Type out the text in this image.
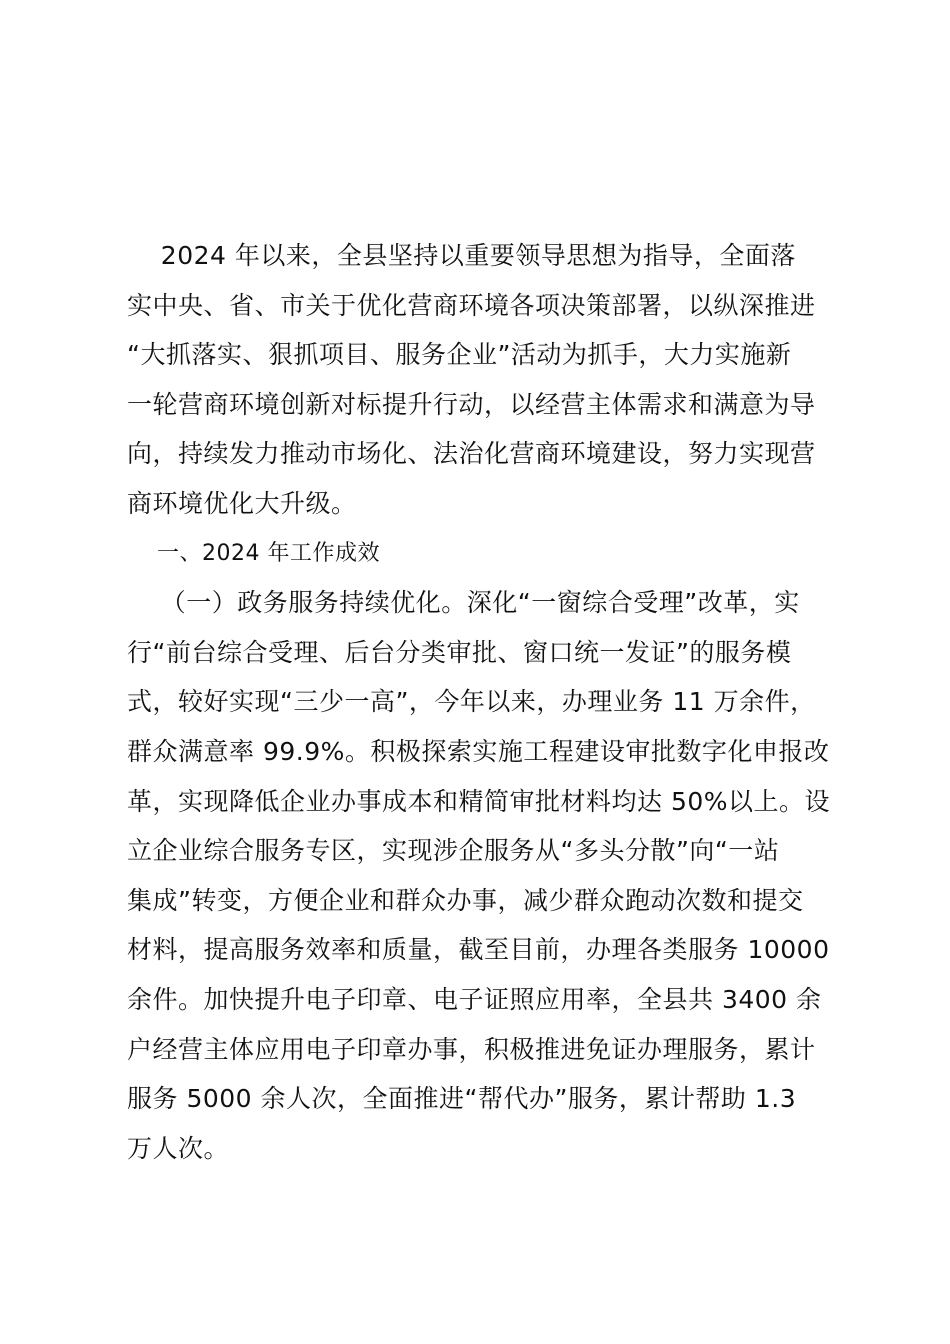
2024 年以来，全县坚持以重要领导思想为指导，全面落
实中央、省、市关于优化营商环境各项决策部署，以纵深推进
“大抓落实、狠抓项目、服务企业”活动为抓手，大力实施新
一轮营商环境创新对标提升行动，以经营主体需求和满意为导
向，持续发力推动市场化、法治化营商环境建设，努力实现营
商环境优化大升级。
一、2024 年工作成效
（一）政务服务持续优化。深化“一窗综合受理”改革，实
行“前台综合受理、后台分类审批、窗口统一发证”的服务模
式，较好实现“三少一高”，今年以来，办理业务 11 万余件，
群众满意率 99.9%。积极探索实施工程建设审批数字化申报改
革，实现降低企业办事成本和精简审批材料均达 50%以上。设
立企业综合服务专区，实现涉企服务从“多头分散”向“一站
集成”转变，方便企业和群众办事，减少群众跑动次数和提交
材料，提高服务效率和质量，截至目前，办理各类服务 10000
余件。加快提升电子印章、电子证照应用率，全县共 3400 余
户经营主体应用电子印章办事，积极推进免证办理服务，累计
服务 5000 余人次，全面推进“帮代办”服务，累计帮助 1.3
万人次。
